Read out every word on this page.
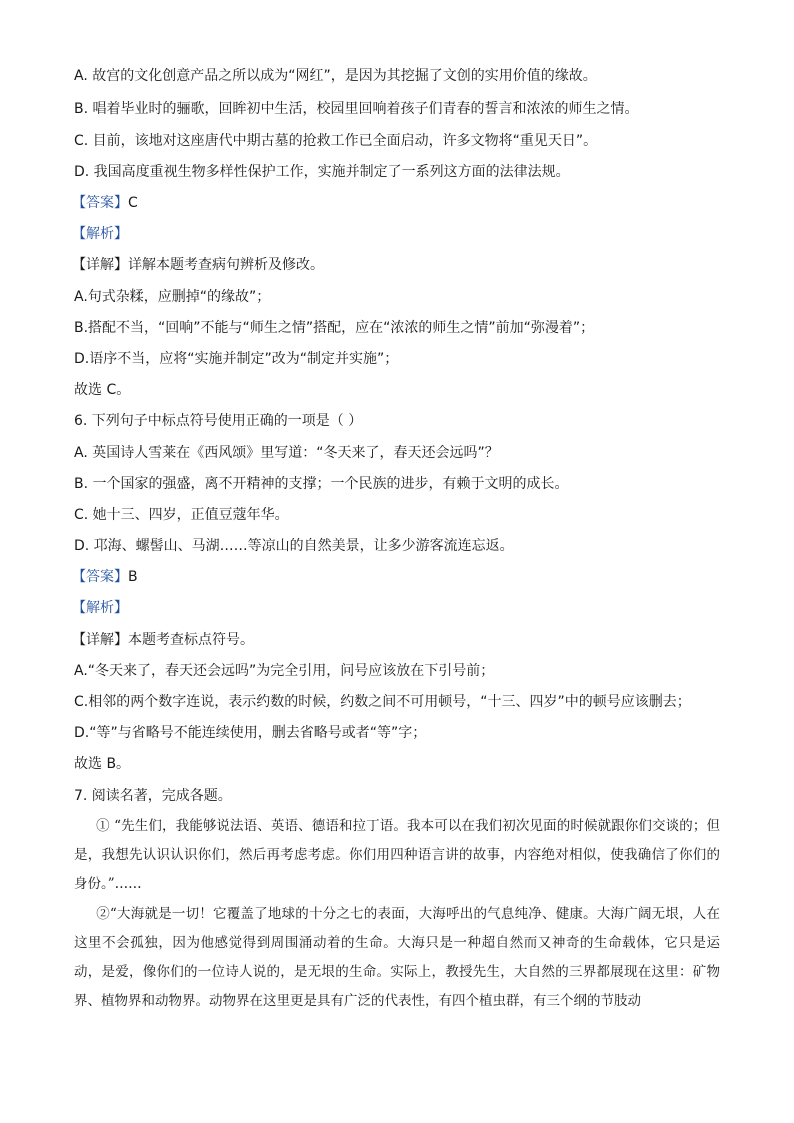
A. 故宫的文化创意产品之所以成为“网红”，是因为其挖掘了文创的实用价值的缘故。
B. 唱着毕业时的骊歌，回眸初中生活，校园里回响着孩子们青春的誓言和浓浓的师生之情。
C. 目前，该地对这座唐代中期古墓的抢救工作已全面启动，许多文物将“重见天日”。
D. 我国高度重视生物多样性保护工作，实施并制定了一系列这方面的法律法规。
【答案】C
【解析】
【详解】详解本题考查病句辨析及修改。
A.句式杂糅，应删掉“的缘故”；
B.搭配不当，“回响”不能与“师生之情”搭配，应在“浓浓的师生之情”前加“弥漫着”；
D.语序不当，应将“实施并制定”改为“制定并实施”；
故选 C。
6. 下列句子中标点符号使用正确的一项是（ ）
A. 英国诗人雪莱在《西风颂》里写道：“冬天来了，春天还会远吗”？
B. 一个国家的强盛，离不开精神的支撑；一个民族的进步，有赖于文明的成长。
C. 她十三、四岁，正值豆蔻年华。
D. 邛海、螺髻山、马湖……等凉山的自然美景，让多少游客流连忘返。
【答案】B
【解析】
【详解】本题考查标点符号。
A.“冬天来了，春天还会远吗”为完全引用，问号应该放在下引号前；
C.相邻的两个数字连说，表示约数的时候，约数之间不可用顿号，“十三、四岁”中的顿号应该删去；
D.“等”与省略号不能连续使用，删去省略号或者“等”字；
故选 B。
7. 阅读名著，完成各题。
① “先生们，我能够说法语、英语、德语和拉丁语。我本可以在我们初次见面的时候就跟你们交谈的；但是，我想先认识认识你们，然后再考虑考虑。你们用四种语言讲的故事，内容绝对相似，使我确信了你们的身份。”……
②“大海就是一切！它覆盖了地球的十分之七的表面，大海呼出的气息纯净、健康。大海广阔无垠，人在这里不会孤独，因为他感觉得到周围涌动着的生命。大海只是一种超自然而又神奇的生命载体，它只是运动，是爱，像你们的一位诗人说的，是无垠的生命。实际上，教授先生，大自然的三界都展现在这里：矿物界、植物界和动物界。动物界在这里更是具有广泛的代表性，有四个植虫群，有三个纲的节肢动
